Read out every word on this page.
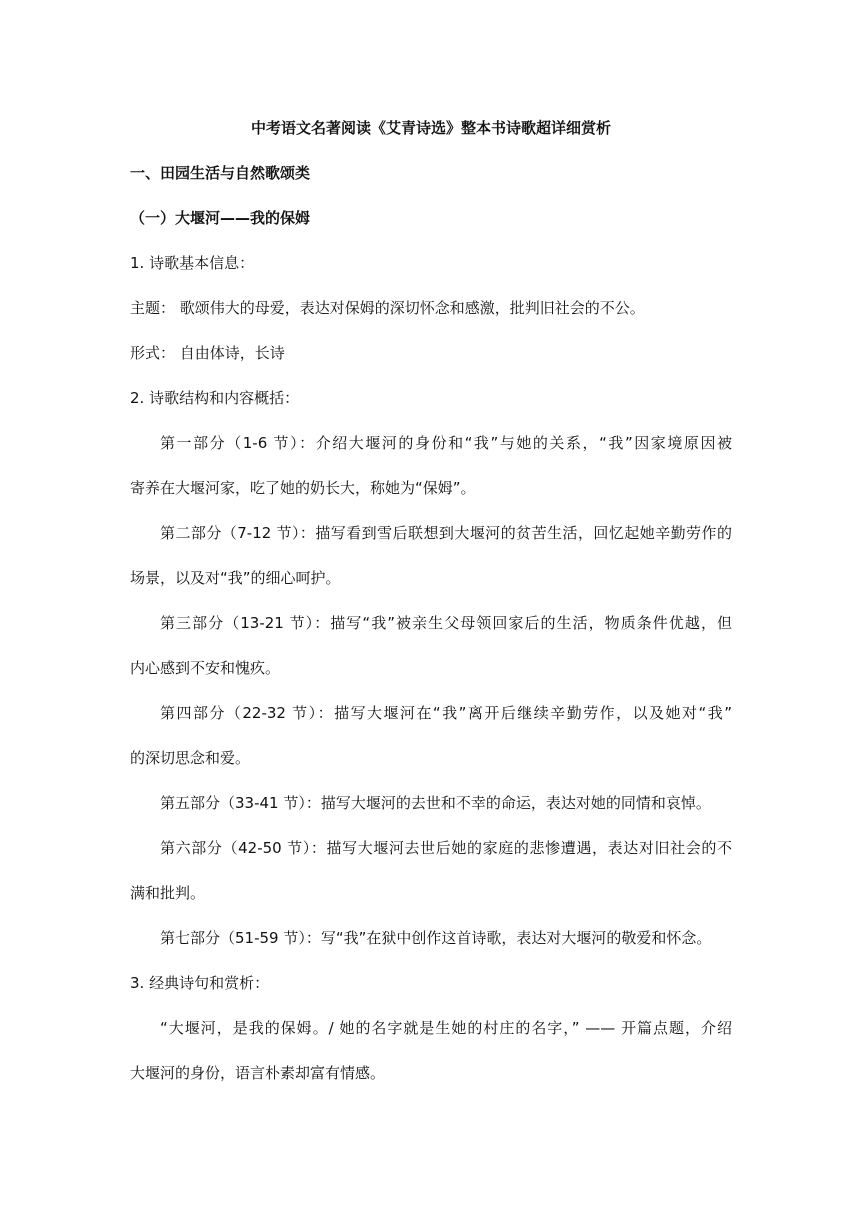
中考语文名著阅读《艾青诗选》整本书诗歌超详细赏析
一、田园生活与自然歌颂类
（一）大堰河——我的保姆
1. 诗歌基本信息：
主题： 歌颂伟大的母爱，表达对保姆的深切怀念和感激，批判旧社会的不公。
形式： 自由体诗，长诗
2. 诗歌结构和内容概括：
第一部分（1-6 节）：介绍大堰河的身份和“我”与她的关系，“我”因家境原因被
寄养在大堰河家，吃了她的奶长大，称她为“保姆”。
第二部分（7-12 节）：描写看到雪后联想到大堰河的贫苦生活，回忆起她辛勤劳作的
场景，以及对“我”的细心呵护。
第三部分（13-21 节）：描写“我”被亲生父母领回家后的生活，物质条件优越，但
内心感到不安和愧疚。
第四部分（22-32 节）：描写大堰河在“我”离开后继续辛勤劳作，以及她对“我”
的深切思念和爱。
第五部分（33-41 节）：描写大堰河的去世和不幸的命运，表达对她的同情和哀悼。
第六部分（42-50 节）：描写大堰河去世后她的家庭的悲惨遭遇，表达对旧社会的不
满和批判。
第七部分（51-59 节）：写“我”在狱中创作这首诗歌，表达对大堰河的敬爱和怀念。
3. 经典诗句和赏析：
“大堰河，是我的保姆。/ 她的名字就是生她的村庄的名字，” —— 开篇点题，介绍
大堰河的身份，语言朴素却富有情感。
